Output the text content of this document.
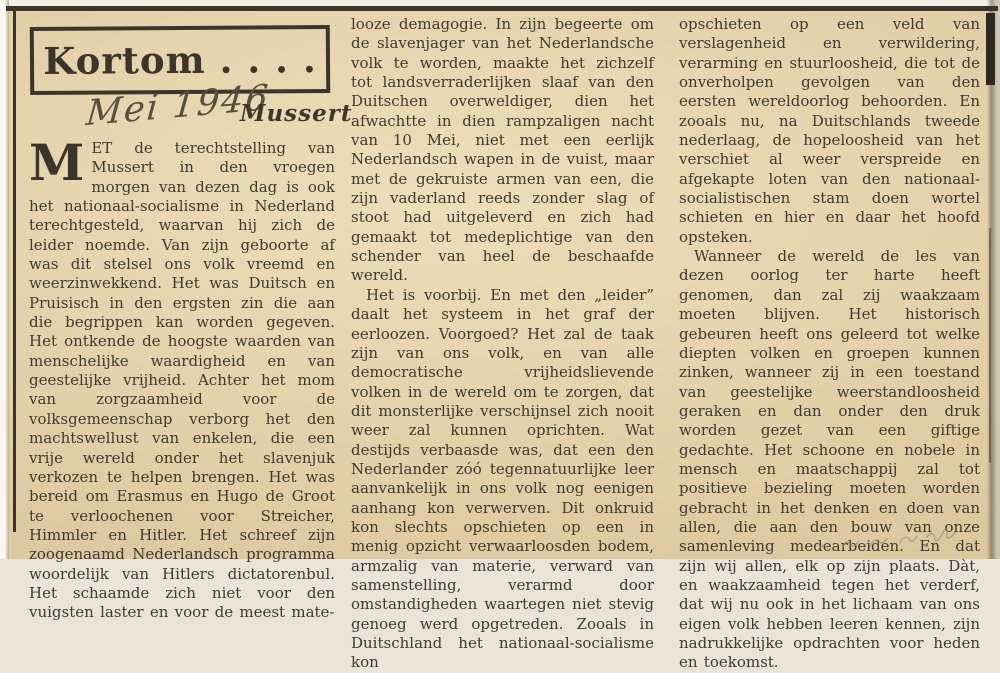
Kortom . . . .
Mei 1946
Mussert

MET de terechtstelling van Mussert in den vroegen morgen van dezen dag is ook het nationaal-socialisme in Nederland terechtgesteld, waarvan hij zich de leider noemde. Van zijn geboorte af was dit stelsel ons volk vreemd en weerzinwekkend. Het was Duitsch en Pruisisch in den ergsten zin die aan die begrippen kan worden gegeven. Het ontkende de hoogste waarden van menschelijke waardigheid en van geestelijke vrijheid. Achter het mom van zorgzaamheid voor de volksgemeenschap verborg het den machtswellust van enkelen, die een vrije wereld onder het slavenjuk verkozen te helpen brengen. Het was bereid om Erasmus en Hugo de Groot te verloochenen voor Streicher, Himmler en Hitler. Het schreef zijn zoogenaamd Nederlandsch programma woordelijk van Hitlers dictatorenbul. Het schaamde zich niet voor den vuigsten laster en voor de meest mate-

looze demagogie. In zijn begeerte om de slavenjager van het Nederlandsche volk te worden, maakte het zichzelf tot landsverraderlijken slaaf van den Duitschen overweldiger, dien het afwachtte in dien rampzaligen nacht van 10 Mei, niet met een eerlijk Nederlandsch wapen in de vuist, maar met de gekruiste armen van een, die zijn vaderland reeds zonder slag of stoot had uitgeleverd en zich had gemaakt tot medeplichtige van den schender van heel de beschaafde wereld.

Het is voorbij. En met den „leider” daalt het systeem in het graf der eerloozen. Voorgoed? Het zal de taak zijn van ons volk, en van alle democratische vrijheidslievende volken in de wereld om te zorgen, dat dit monsterlijke verschijnsel zich nooit weer zal kunnen oprichten. Wat destijds verbaasde was, dat een den Nederlander zóó tegennatuurlijke leer aanvankelijk in ons volk nog eenigen aanhang kon verwerven. Dit onkruid kon slechts opschieten op een in menig opzicht verwaarloosden bodem, armzalig van materie, verward van samenstelling, verarmd door omstandigheden waartegen niet stevig genoeg werd opgetreden. Zooals in Duitschland het nationaal-socialisme kon

opschieten op een veld van verslagenheid en verwildering, verarming en stuurloosheid, die tot de onverholpen gevolgen van den eersten wereldoorlog behoorden. En zooals nu, na Duitschlands tweede nederlaag, de hopeloosheid van het verschiet al weer verspreide en afgekapte loten van den nationaal-socialistischen stam doen wortel schieten en hier en daar het hoofd opsteken.

Wanneer de wereld de les van dezen oorlog ter harte heeft genomen, dan zal zij waakzaam moeten blijven. Het historisch gebeuren heeft ons geleerd tot welke diepten volken en groepen kunnen zinken, wanneer zij in een toestand van geestelijke weerstandloosheid geraken en dan onder den druk worden gezet van een giftige gedachte. Het schoone en nobele in mensch en maatschappij zal tot positieve bezieling moeten worden gebracht in het denken en doen van allen, die aan den bouw van onze samenleving medearbeiden. En dat zijn wij allen, elk op zijn plaats. Dàt, en waakzaamheid tegen het verderf, dat wij nu ook in het lichaam van ons eigen volk hebben leeren kennen, zijn nadrukkelijke opdrachten voor heden en toekomst.
